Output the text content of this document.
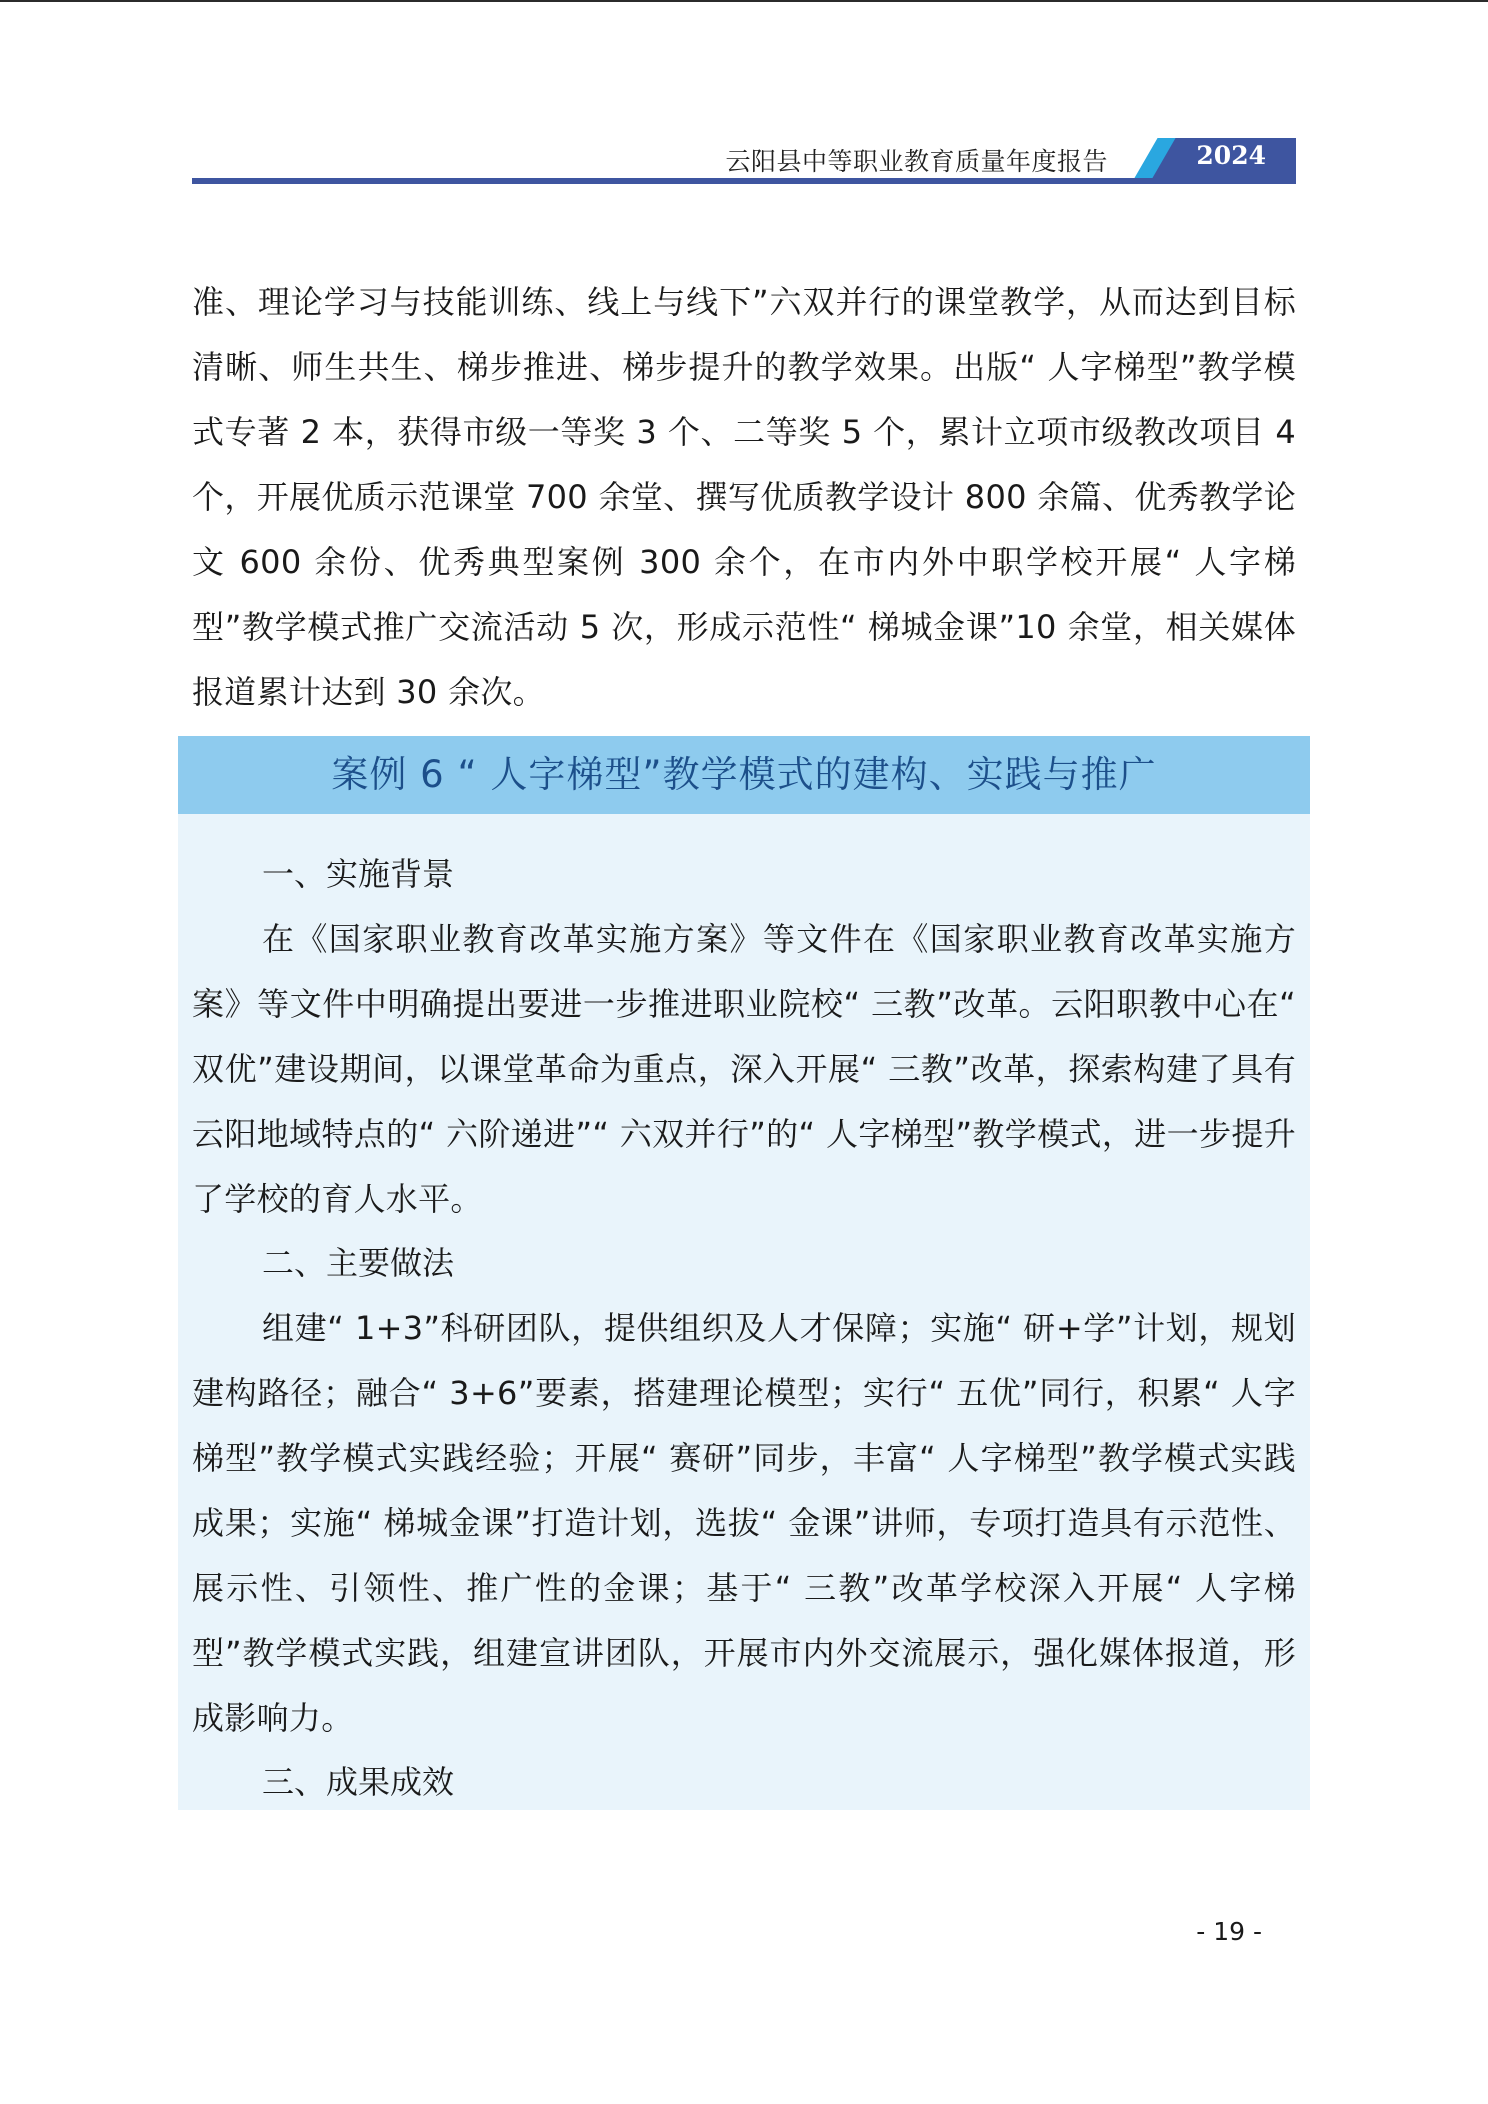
云阳县中等职业教育质量年度报告	2024

准、理论学习与技能训练、线上与线下”六双并行的课堂教学，从而达到目标清晰、师生共生、梯步推进、梯步提升的教学效果。出版“ 人字梯型”教学模式专著 2 本，获得市级一等奖 3 个、二等奖 5 个，累计立项市级教改项目 4 个，开展优质示范课堂 700 余堂、撰写优质教学设计 800 余篇、优秀教学论文 600 余份、优秀典型案例 300 余个，在市内外中职学校开展“ 人字梯型”教学模式推广交流活动 5 次，形成示范性“ 梯城金课”10 余堂，相关媒体报道累计达到 30 余次。

案例 6 “ 人字梯型”教学模式的建构、实践与推广

一、实施背景

在《国家职业教育改革实施方案》等文件在《国家职业教育改革实施方案》等文件中明确提出要进一步推进职业院校“ 三教”改革。云阳职教中心在“ 双优”建设期间，以课堂革命为重点，深入开展“ 三教”改革，探索构建了具有云阳地域特点的“ 六阶递进”“ 六双并行”的“ 人字梯型”教学模式，进一步提升了学校的育人水平。

二、主要做法

组建“ 1+3”科研团队，提供组织及人才保障；实施“ 研+学”计划，规划建构路径；融合“ 3+6”要素，搭建理论模型；实行“ 五优”同行，积累“ 人字梯型”教学模式实践经验；开展“ 赛研”同步，丰富“ 人字梯型”教学模式实践成果；实施“ 梯城金课”打造计划，选拔“ 金课”讲师，专项打造具有示范性、展示性、引领性、推广性的金课；基于“ 三教”改革学校深入开展“ 人字梯型”教学模式实践，组建宣讲团队，开展市内外交流展示，强化媒体报道，形成影响力。

三、成果成效

- 19 -
